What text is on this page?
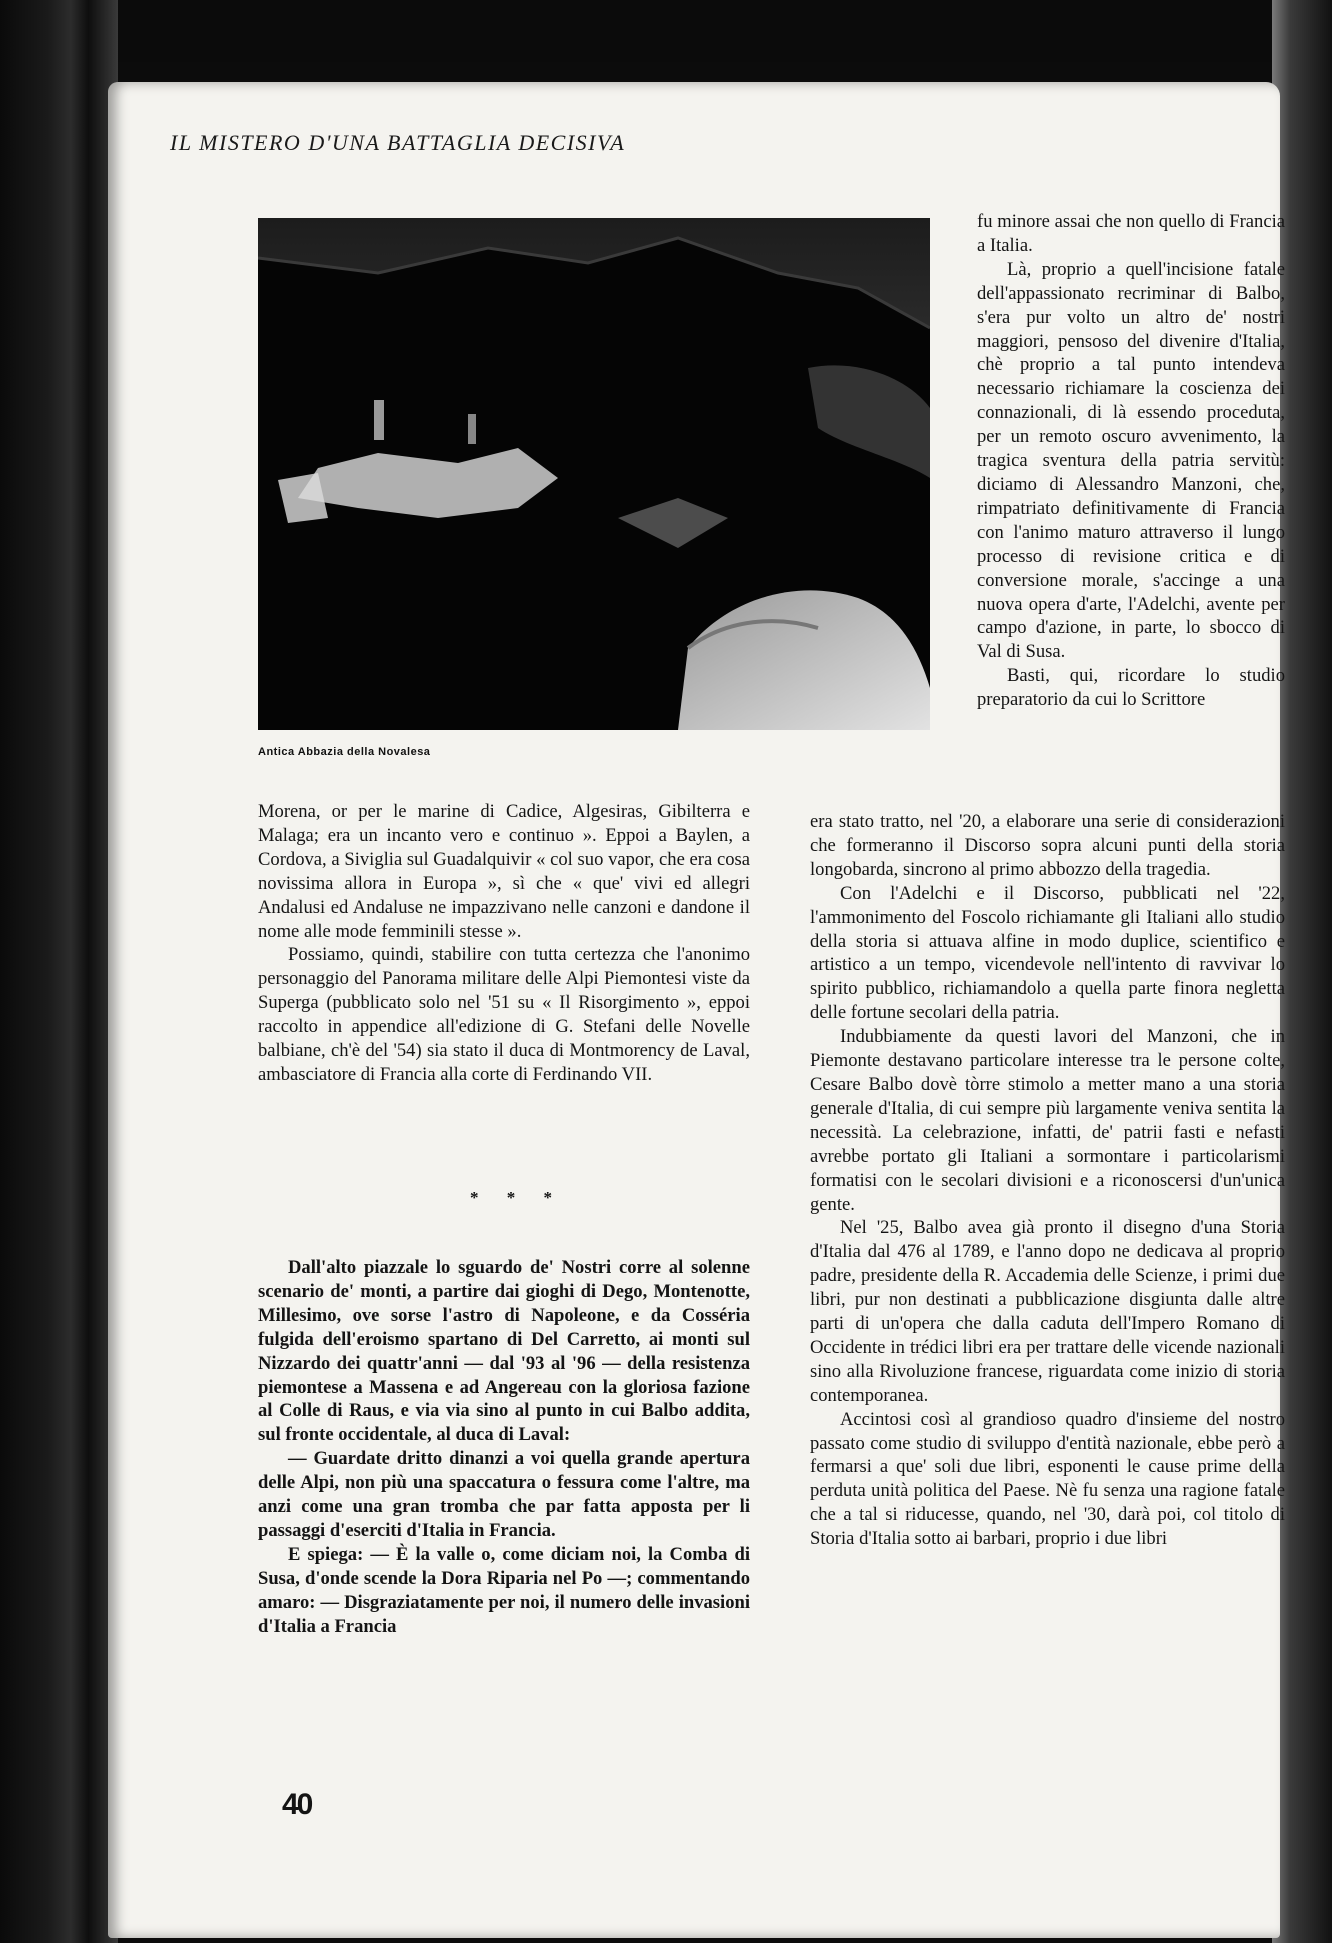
IL MISTERO D'UNA BATTAGLIA DECISIVA
Antica Abbazia della Novalesa

fu minore assai che non quello di Francia a Italia.

Là, proprio a quell'incisione fatale dell'appassionato recriminar di Balbo, s'era pur volto un altro de' nostri maggiori, pensoso del divenire d'Italia, chè proprio a tal punto intendeva necessario richiamare la coscienza dei connazionali, di là essendo proceduta, per un remoto oscuro avvenimento, la tragica sventura della patria servitù: diciamo di Alessandro Manzoni, che, rimpatriato definitivamente di Francia con l'animo maturo attraverso il lungo processo di revisione critica e di conversione morale, s'accinge a una nuova opera d'arte, l'Adelchi, avente per campo d'azione, in parte, lo sbocco di Val di Susa.

Basti, qui, ricordare lo studio preparatorio da cui lo Scrittore

Morena, or per le marine di Cadice, Algesiras, Gibilterra e Malaga; era un incanto vero e continuo ». Eppoi a Baylen, a Cordova, a Siviglia sul Guadalquivir « col suo vapor, che era cosa novissima allora in Europa », sì che « que' vivi ed allegri Andalusi ed Andaluse ne impazzivano nelle canzoni e dandone il nome alle mode femminili stesse ».

Possiamo, quindi, stabilire con tutta certezza che l'anonimo personaggio del Panorama militare delle Alpi Piemontesi viste da Superga (pubblicato solo nel '51 su « Il Risorgimento », eppoi raccolto in appendice all'edizione di G. Stefani delle Novelle balbiane, ch'è del '54) sia stato il duca di Montmorency de Laval, ambasciatore di Francia alla corte di Ferdinando VII.

* * *

Dall'alto piazzale lo sguardo de' Nostri corre al solenne scenario de' monti, a partire dai gioghi di Dego, Montenotte, Millesimo, ove sorse l'astro di Napoleone, e da Cosséria fulgida dell'eroismo spartano di Del Carretto, ai monti sul Nizzardo dei quattr'anni — dal '93 al '96 — della resistenza piemontese a Massena e ad Angereau con la gloriosa fazione al Colle di Raus, e via via sino al punto in cui Balbo addita, sul fronte occidentale, al duca di Laval:

— Guardate dritto dinanzi a voi quella grande apertura delle Alpi, non più una spaccatura o fessura come l'altre, ma anzi come una gran tromba che par fatta apposta per li passaggi d'eserciti d'Italia in Francia.

E spiega: — È la valle o, come diciam noi, la Comba di Susa, d'onde scende la Dora Riparia nel Po —; commentando amaro: — Disgraziatamente per noi, il numero delle invasioni d'Italia a Francia

era stato tratto, nel '20, a elaborare una serie di considerazioni che formeranno il Discorso sopra alcuni punti della storia longobarda, sincrono al primo abbozzo della tragedia.

Con l'Adelchi e il Discorso, pubblicati nel '22, l'ammonimento del Foscolo richiamante gli Italiani allo studio della storia si attuava alfine in modo duplice, scientifico e artistico a un tempo, vicendevole nell'intento di ravvivar lo spirito pubblico, richiamandolo a quella parte finora negletta delle fortune secolari della patria.

Indubbiamente da questi lavori del Manzoni, che in Piemonte destavano particolare interesse tra le persone colte, Cesare Balbo dovè tòrre stimolo a metter mano a una storia generale d'Italia, di cui sempre più largamente veniva sentita la necessità. La celebrazione, infatti, de' patrii fasti e nefasti avrebbe portato gli Italiani a sormontare i particolarismi formatisi con le secolari divisioni e a riconoscersi d'un'unica gente.

Nel '25, Balbo avea già pronto il disegno d'una Storia d'Italia dal 476 al 1789, e l'anno dopo ne dedicava al proprio padre, presidente della R. Accademia delle Scienze, i primi due libri, pur non destinati a pubblicazione disgiunta dalle altre parti di un'opera che dalla caduta dell'Impero Romano di Occidente in trédici libri era per trattare delle vicende nazionali sino alla Rivoluzione francese, riguardata come inizio di storia contemporanea.

Accintosi così al grandioso quadro d'insieme del nostro passato come studio di sviluppo d'entità nazionale, ebbe però a fermarsi a que' soli due libri, esponenti le cause prime della perduta unità politica del Paese. Nè fu senza una ragione fatale che a tal si riducesse, quando, nel '30, darà poi, col titolo di Storia d'Italia sotto ai barbari, proprio i due libri

40
